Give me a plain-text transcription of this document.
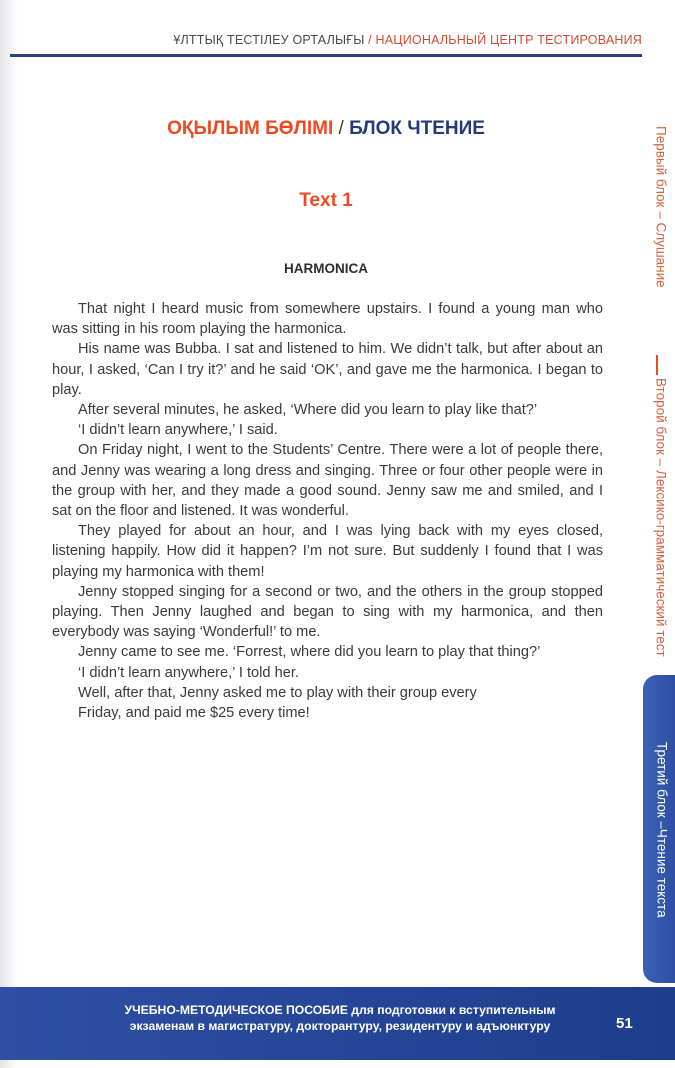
ҰЛТТЫҚ ТЕСТІЛЕУ ОРТАЛЫҒЫ / НАЦИОНАЛЬНЫЙ ЦЕНТР ТЕСТИРОВАНИЯ
ОҚЫЛЫМ БӨЛІМІ / БЛОК ЧТЕНИЕ
Text 1
HARMONICA

That night I heard music from somewhere upstairs. I found a young man who was sitting in his room playing the harmonica.

His name was Bubba. I sat and listened to him. We didn’t talk, but after about an hour, I asked, ‘Can I try it?’ and he said ‘OK’, and gave me the harmonica. I began to play.

After several minutes, he asked, ‘Where did you learn to play like that?’

‘I didn’t learn anywhere,’ I said.

On Friday night, I went to the Students’ Centre. There were a lot of people there, and Jenny was wearing a long dress and singing. Three or four other people were in the group with her, and they made a good sound. Jenny saw me and smiled, and I sat on the floor and listened. It was wonderful.

They played for about an hour, and I was lying back with my eyes closed, listening happily. How did it happen? I’m not sure. But suddenly I found that I was playing my harmonica with them!

Jenny stopped singing for a second or two, and the others in the group stopped playing. Then Jenny laughed and began to sing with my harmonica, and then everybody was saying ‘Wonderful!’ to me.

Jenny came to see me. ‘Forrest, where did you learn to play that thing?’

‘I didn’t learn anywhere,’ I told her.

Well, after that, Jenny asked me to play with their group every

Friday, and paid me $25 every time!

Первый блок – Слушание
Второй блок – Лексико-грамматический тест
Третий блок –Чтение текста
УЧЕБНО-МЕТОДИЧЕСКОЕ ПОСОБИЕ для подготовки к вступительным
экзаменам в магистратуру, докторантуру, резидентуру и адъюнктуру	51
